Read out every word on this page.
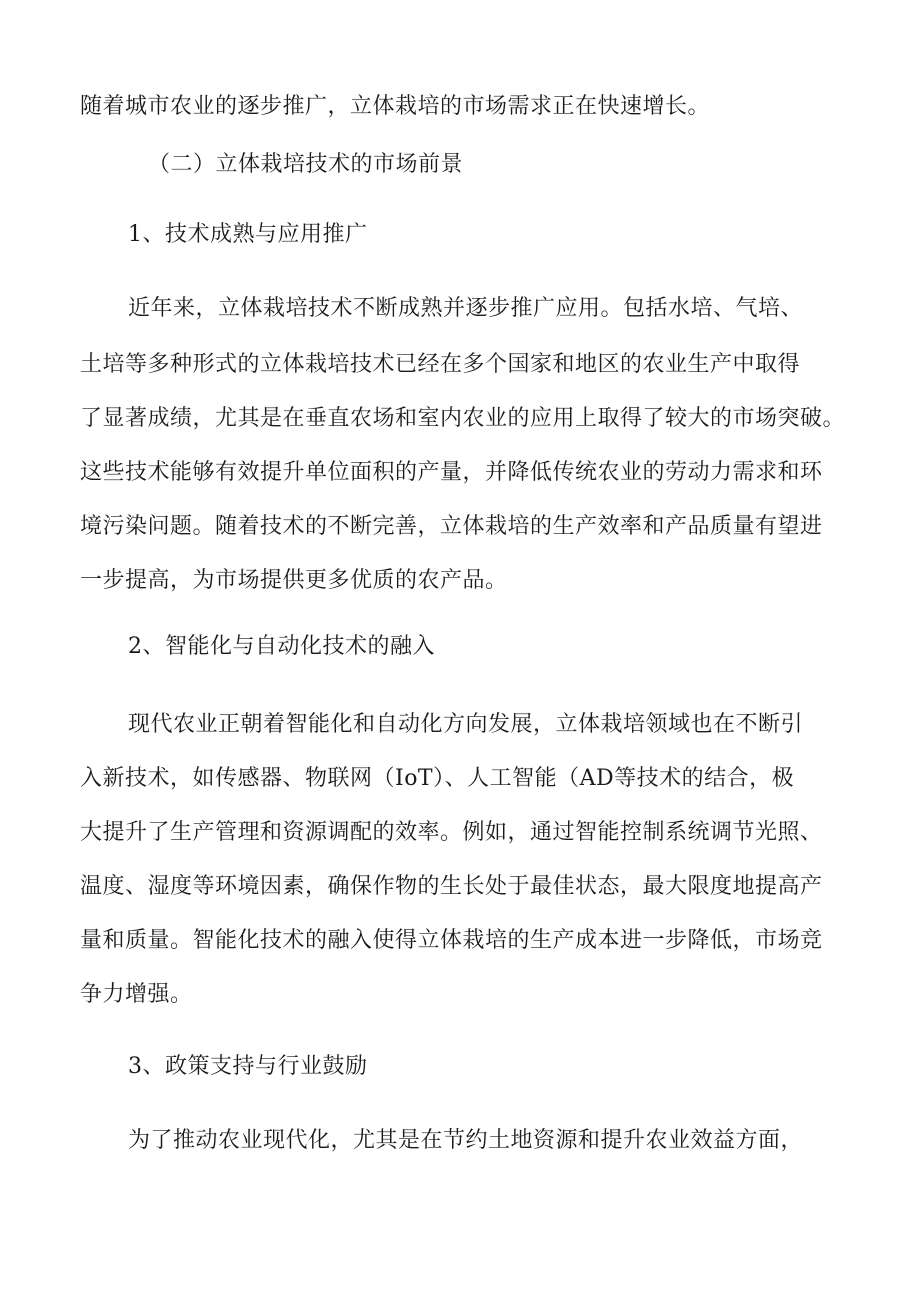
随着城市农业的逐步推广，立体栽培的市场需求正在快速增长。
（二）立体栽培技术的市场前景
1、技术成熟与应用推广
近年来，立体栽培技术不断成熟并逐步推广应用。包括水培、气培、
土培等多种形式的立体栽培技术已经在多个国家和地区的农业生产中取得
了显著成绩，尤其是在垂直农场和室内农业的应用上取得了较大的市场突破。
这些技术能够有效提升单位面积的产量，并降低传统农业的劳动力需求和环
境污染问题。随着技术的不断完善，立体栽培的生产效率和产品质量有望进
一步提高，为市场提供更多优质的农产品。
2、智能化与自动化技术的融入
现代农业正朝着智能化和自动化方向发展，立体栽培领域也在不断引
入新技术，如传感器、物联网（IoT）、人工智能（AD等技术的结合，极
大提升了生产管理和资源调配的效率。例如，通过智能控制系统调节光照、
温度、湿度等环境因素，确保作物的生长处于最佳状态，最大限度地提高产
量和质量。智能化技术的融入使得立体栽培的生产成本进一步降低，市场竞
争力增强。
3、政策支持与行业鼓励
为了推动农业现代化，尤其是在节约土地资源和提升农业效益方面，
